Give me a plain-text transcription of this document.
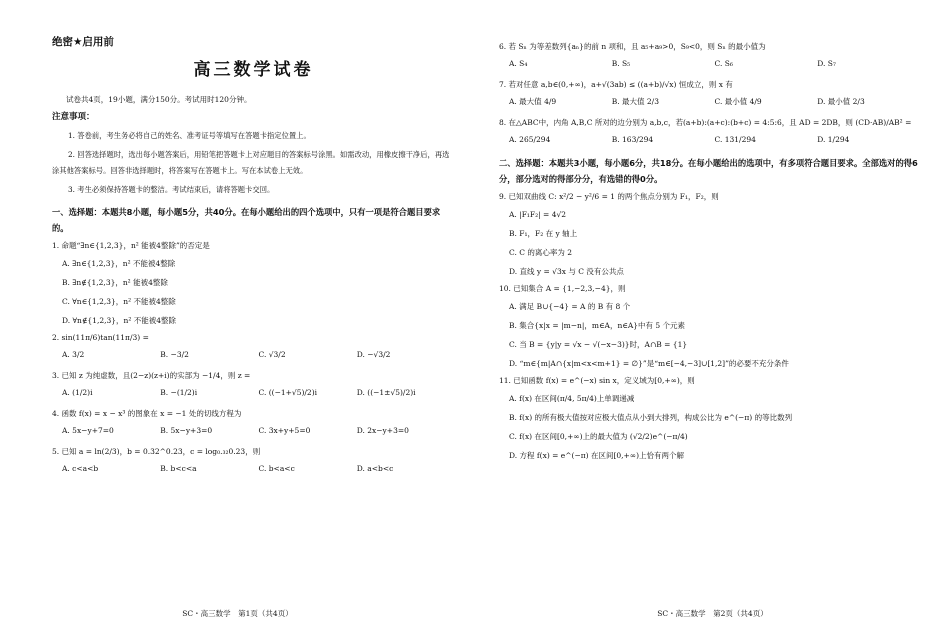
绝密★启用前
高三数学试卷
试卷共4页，19小题，满分150分。考试用时120分钟。
注意事项：
1. 答卷前，考生务必将自己的姓名、准考证号等填写在答题卡指定位置上。
2. 回答选择题时，选出每小题答案后，用铅笔把答题卡上对应题目的答案标号涂黑。如需改动，用橡皮擦干净后，再选涂其他答案标号。回答非选择题时，将答案写在答题卡上。写在本试卷上无效。
3. 考生必须保持答题卡的整洁。考试结束后，请将答题卡交回。
一、选择题：本题共8小题，每小题5分，共40分。在每小题给出的四个选项中，只有一项是符合题目要求的。
1. 命题“∃n∈{1,2,3}，n² 能被4整除”的否定是
A. ∃n∈{1,2,3}，n² 不能被4整除
B. ∃n∉{1,2,3}，n² 能被4整除
C. ∀n∈{1,2,3}，n² 不能被4整除
D. ∀n∉{1,2,3}，n² 不能被4整除
2. sin(11π/6)tan(11π/3) =
A. 3/2	B. −3/2	C. √3/2	D. −√3/2
3. 已知 z 为纯虚数，且(2−z)(z+i)的实部为 −1/4，则 z =
A. (1/2)i	B. −(1/2)i	C. ((−1+√5)/2)i	D. ((−1±√5)/2)i
4. 函数 f(x) = x − x³ 的图象在 x = −1 处的切线方程为
A. 5x−y+7=0	B. 5x−y+3=0	C. 3x+y+5=0	D. 2x−y+3=0
5. 已知 a = ln(2/3)，b = 0.32^0.23，c = log₀.₃₂0.23，则
A. c<a<b	B. b<c<a	C. b<a<c	D. a<b<c
SC・高三数学　第1页（共4页）
6. 若 Sₙ 为等差数列{aₙ}的前 n 项和，且 a₅+a₉>0，S₉<0，则 Sₙ 的最小值为
A. S₄	B. S₅	C. S₆	D. S₇
7. 若对任意 a,b∈(0,+∞)，a+√(3ab) ≤ ((a+b)/√x) 恒成立，则 x 有
A. 最大值 4/9	B. 最大值 2/3	C. 最小值 4/9	D. 最小值 2/3
8. 在△ABC中，内角 A,B,C 所对的边分别为 a,b,c，若(a+b):(a+c):(b+c) = 4:5:6，且 AD = 2DB，则 (CD·AB)/AB² =
A. 265/294	B. 163/294	C. 131/294	D. 1/294
二、选择题：本题共3小题，每小题6分，共18分。在每小题给出的选项中，有多项符合题目要求。全部选对的得6分，部分选对的得部分分，有选错的得0分。
9. 已知双曲线 C: x²/2 − y²/6 = 1 的两个焦点分别为 F₁，F₂，则
A. |F₁F₂| = 4√2
B. F₁，F₂ 在 y 轴上
C. C 的离心率为 2
D. 直线 y = √3x 与 C 没有公共点
10. 已知集合 A = {1,−2,3,−4}，则
A. 满足 B∪{−4} = A 的 B 有 8 个
B. 集合{x|x = |m−n|，m∈A，n∈A}中有 5 个元素
C. 当 B = {y|y = √x − √(−x−3)}时，A∩B = {1}
D. “m∈{m|A∩{x|m<x<m+1} = ∅}”是“m∈[−4,−3]∪[1,2]”的必要不充分条件
11. 已知函数 f(x) = e^(−x) sin x，定义域为[0,+∞)，则
A. f(x) 在区间(π/4, 5π/4)上单调递减
B. f(x) 的所有极大值按对应极大值点从小到大排列，构成公比为 e^(−π) 的等比数列
C. f(x) 在区间[0,+∞)上的最大值为 (√2/2)e^(−π/4)
D. 方程 f(x) = e^(−π) 在区间[0,+∞)上恰有两个解
SC・高三数学　第2页（共4页）
